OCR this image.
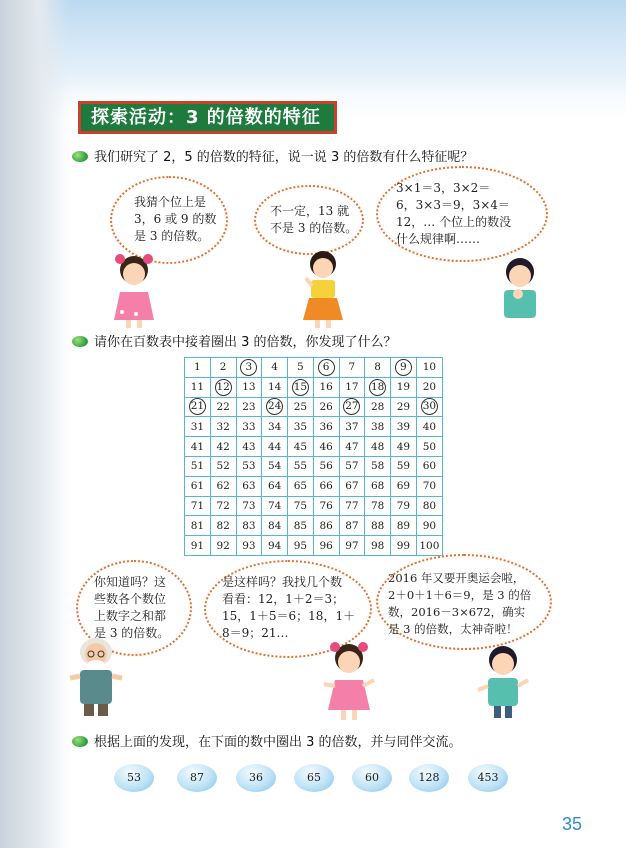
探索活动：3 的倍数的特征
我们研究了 2，5 的倍数的特征，说一说 3 的倍数有什么特征呢？
我猜个位上是
3，6 或 9 的数
是 3 的倍数。
不一定，13 就
不是 3 的倍数。
3×1＝3，3×2＝
6，3×3＝9，3×4＝
12，… 个位上的数没
什么规律啊……
请你在百数表中接着圈出 3 的倍数，你发现了什么？
1	2	3	4	5	6	7	8	9	10
11	12	13	14	15	16	17	18	19	20
21	22	23	24	25	26	27	28	29	30
31	32	33	34	35	36	37	38	39	40
41	42	43	44	45	46	47	48	49	50
51	52	53	54	55	56	57	58	59	60
61	62	63	64	65	66	67	68	69	70
71	72	73	74	75	76	77	78	79	80
81	82	83	84	85	86	87	88	89	90
91	92	93	94	95	96	97	98	99	100
你知道吗？这
些数各个数位
上数字之和都
是 3 的倍数。
是这样吗？我找几个数
看看：12，1＋2＝3；
15，1＋5＝6；18，1＋
8＝9；21…
2016 年又要开奥运会啦，
2＋0＋1＋6＝9，是 3 的倍
数，2016－3×672，确实
是 3 的倍数，太神奇啦！
根据上面的发现，在下面的数中圈出 3 的倍数，并与同伴交流。
53	87	36	65	60	128	453
35
